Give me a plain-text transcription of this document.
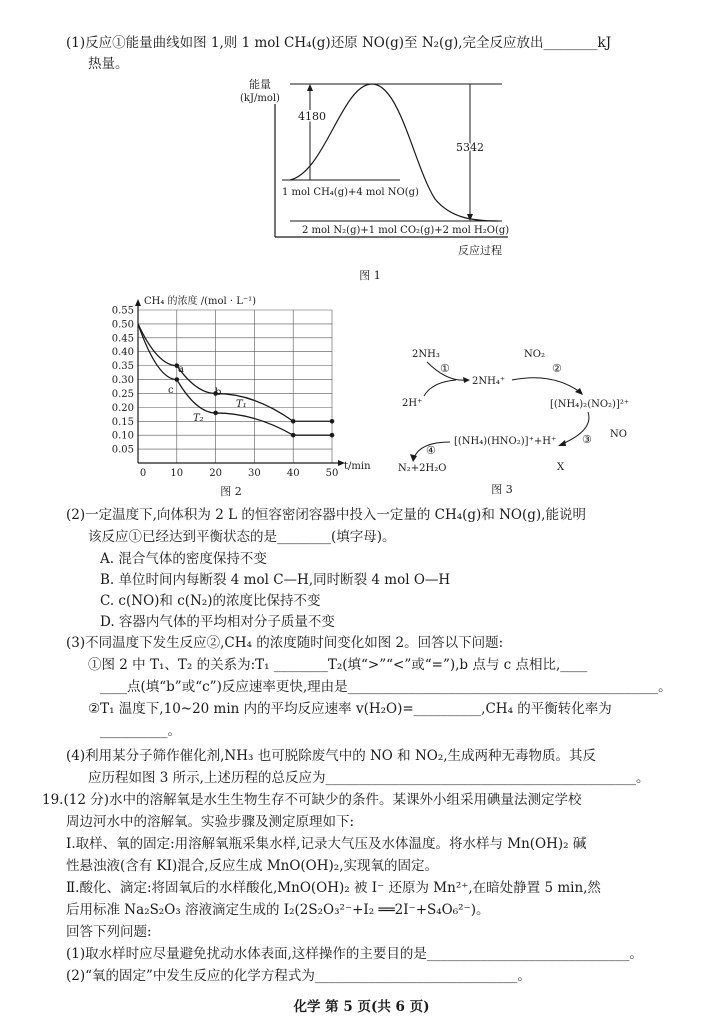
(1)反应①能量曲线如图 1,则 1 mol CH₄(g)还原 NO(g)至 N₂(g),完全反应放出________kJ
热量。
能量
(kJ/mol)
4180
5342
1 mol CH₄(g)+4 mol NO(g)
2 mol N₂(g)+1 mol CO₂(g)+2 mol H₂O(g)
反应过程
图 1
CH₄ 的浓度 /(mol · L⁻¹)
0.05
0.10
0.15
0.20
0.25
0.30
0.35
0.40
0.45
0.50
0.55
0 10	20	30	40	50
t/min
a
b
c
T₁
T₂
图 2
2NH₃
①
2NH₄⁺
2H⁺
NO₂
②
[(NH₄)₂(NO₂)]²⁺
NO
③
X
[(NH₄)(HNO₂)]⁺+H⁺
④
N₂+2H₂O
图 3
(2)一定温度下,向体积为 2 L 的恒容密闭容器中投入一定量的 CH₄(g)和 NO(g),能说明
该反应①已经达到平衡状态的是________(填字母)。
A. 混合气体的密度保持不变
B. 单位时间内每断裂 4 mol C—H,同时断裂 4 mol O—H
C. c(NO)和 c(N₂)的浓度比保持不变
D. 容器内气体的平均相对分子质量不变
(3)不同温度下发生反应②,CH₄ 的浓度随时间变化如图 2。回答以下问题:
①图 2 中 T₁、T₂ 的关系为:T₁ ________T₂(填“>”“<”或“=”),b 点与 c 点相比,____
____点(填“b”或“c”)反应速率更快,理由是______________________________________________。
②T₁ 温度下,10~20 min 内的平均反应速率 v(H₂O)=__________,CH₄ 的平衡转化率为
__________。
(4)利用某分子筛作催化剂,NH₃ 也可脱除废气中的 NO 和 NO₂,生成两种无毒物质。其反
应历程如图 3 所示,上述历程的总反应为______________________________________________。
19.(12 分)水中的溶解氧是水生生物生存不可缺少的条件。某课外小组采用碘量法测定学校
周边河水中的溶解氧。实验步骤及测定原理如下:
Ⅰ.取样、氧的固定:用溶解氧瓶采集水样,记录大气压及水体温度。将水样与 Mn(OH)₂ 碱
性悬浊液(含有 KI)混合,反应生成 MnO(OH)₂,实现氧的固定。
Ⅱ.酸化、滴定:将固氧后的水样酸化,MnO(OH)₂ 被 I⁻ 还原为 Mn²⁺,在暗处静置 5 min,然
后用标准 Na₂S₂O₃ 溶液滴定生成的 I₂(2S₂O₃²⁻+I₂ ══2I⁻+S₄O₆²⁻)。
回答下列问题:
(1)取水样时应尽量避免扰动水体表面,这样操作的主要目的是______________________________。
(2)“氧的固定”中发生反应的化学方程式为______________________________。
化学 第 5 页(共 6 页)
